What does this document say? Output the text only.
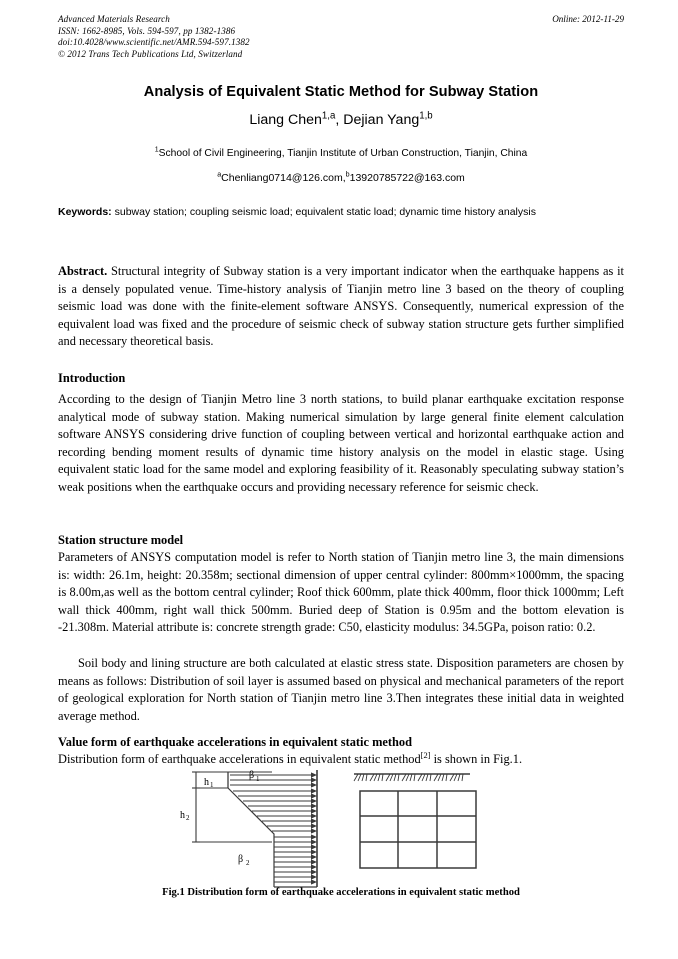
Advanced Materials Research
ISSN: 1662-8985, Vols. 594-597, pp 1382-1386
doi:10.4028/www.scientific.net/AMR.594-597.1382
© 2012 Trans Tech Publications Ltd, Switzerland
Online: 2012-11-29
Analysis of Equivalent Static Method for Subway Station
Liang Chen$^{1,a}$, Dejian Yang$^{1,b}$
$^1$School of Civil Engineering, Tianjin Institute of Urban Construction, Tianjin, China
$^a$Chenliang0714@126.com,$^b$13920785722@163.com
Keywords: subway station; coupling seismic load; equivalent static load; dynamic time history analysis

Abstract. Structural integrity of Subway station is a very important indicator when the earthquake happens as it is a densely populated venue. Time-history analysis of Tianjin metro line 3 based on the theory of coupling seismic load was done with the finite-element software ANSYS. Consequently, numerical expression of the equivalent load was fixed and the procedure of seismic check of subway station structure gets further simplified and necessary theoretical basis.

Introduction

According to the design of Tianjin Metro line 3 north stations, to build planar earthquake excitation response analytical mode of subway station. Making numerical simulation by large general finite element calculation software ANSYS considering drive function of coupling between vertical and horizontal earthquake action and recording bending moment results of dynamic time history analysis on the model in elastic stage. Using equivalent static load for the same model and exploring feasibility of it. Reasonably speculating subway station’s weak positions when the earthquake occurs and providing necessary reference for seismic check.

Station structure model

Parameters of ANSYS computation model is refer to North station of Tianjin metro line 3, the main dimensions is: width: 26.1m, height: 20.358m; sectional dimension of upper central cylinder: 800mm×1000mm, the spacing is 8.00m,as well as the bottom central cylinder; Roof thick 600mm, plate thick 400mm, floor thick 1000mm; Left wall thick 400mm, right wall thick 500mm. Buried deep of Station is 0.95m and the bottom elevation is -21.308m. Material attribute is: concrete strength grade: C50, elasticity modulus: 34.5GPa, poison ratio: 0.2.

Soil body and lining structure are both calculated at elastic stress state. Disposition parameters are chosen by means as follows: Distribution of soil layer is assumed based on physical and mechanical parameters of the report of geological exploration for North station of Tianjin metro line 3.Then integrates these initial data in weighted average method.

Value form of earthquake accelerations in equivalent static method

Distribution form of earthquake accelerations in equivalent static method[2] is shown in Fig.1.

h 1
h 2
β 1
β 2
Fig.1 Distribution form of earthquake accelerations in equivalent static method
